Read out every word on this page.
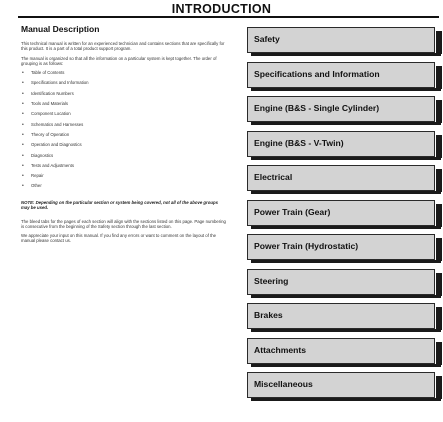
INTRODUCTION
Manual Description

This technical manual is written for an experienced technician and contains sections that are specifically for this product. It is a part of a total product support program.

The manual is organized so that all the information on a particular system is kept together. The order of grouping is as follows:

• Table of Contents
• Specifications and Information
• Identification Numbers
• Tools and Materials
• Component Location
• Schematics and Harnesses
• Theory of Operation
• Operation and Diagnostics
• Diagnostics
• Tests and Adjustments
• Repair
• Other

NOTE: Depending on the particular section or system being covered, not all of the above groups may be used.

The bleed tabs for the pages of each section will align with the sections listed on this page. Page numbering is consecutive from the beginning of the Safety section through the last section.

We appreciate your input on this manual. If you find any errors or want to comment on the layout of the manual please contact us.

Safety
Specifications and Information
Engine (B&S - Single Cylinder)
Engine (B&S - V-Twin)
Electrical
Power Train (Gear)
Power Train (Hydrostatic)
Steering
Brakes
Attachments
Miscellaneous
